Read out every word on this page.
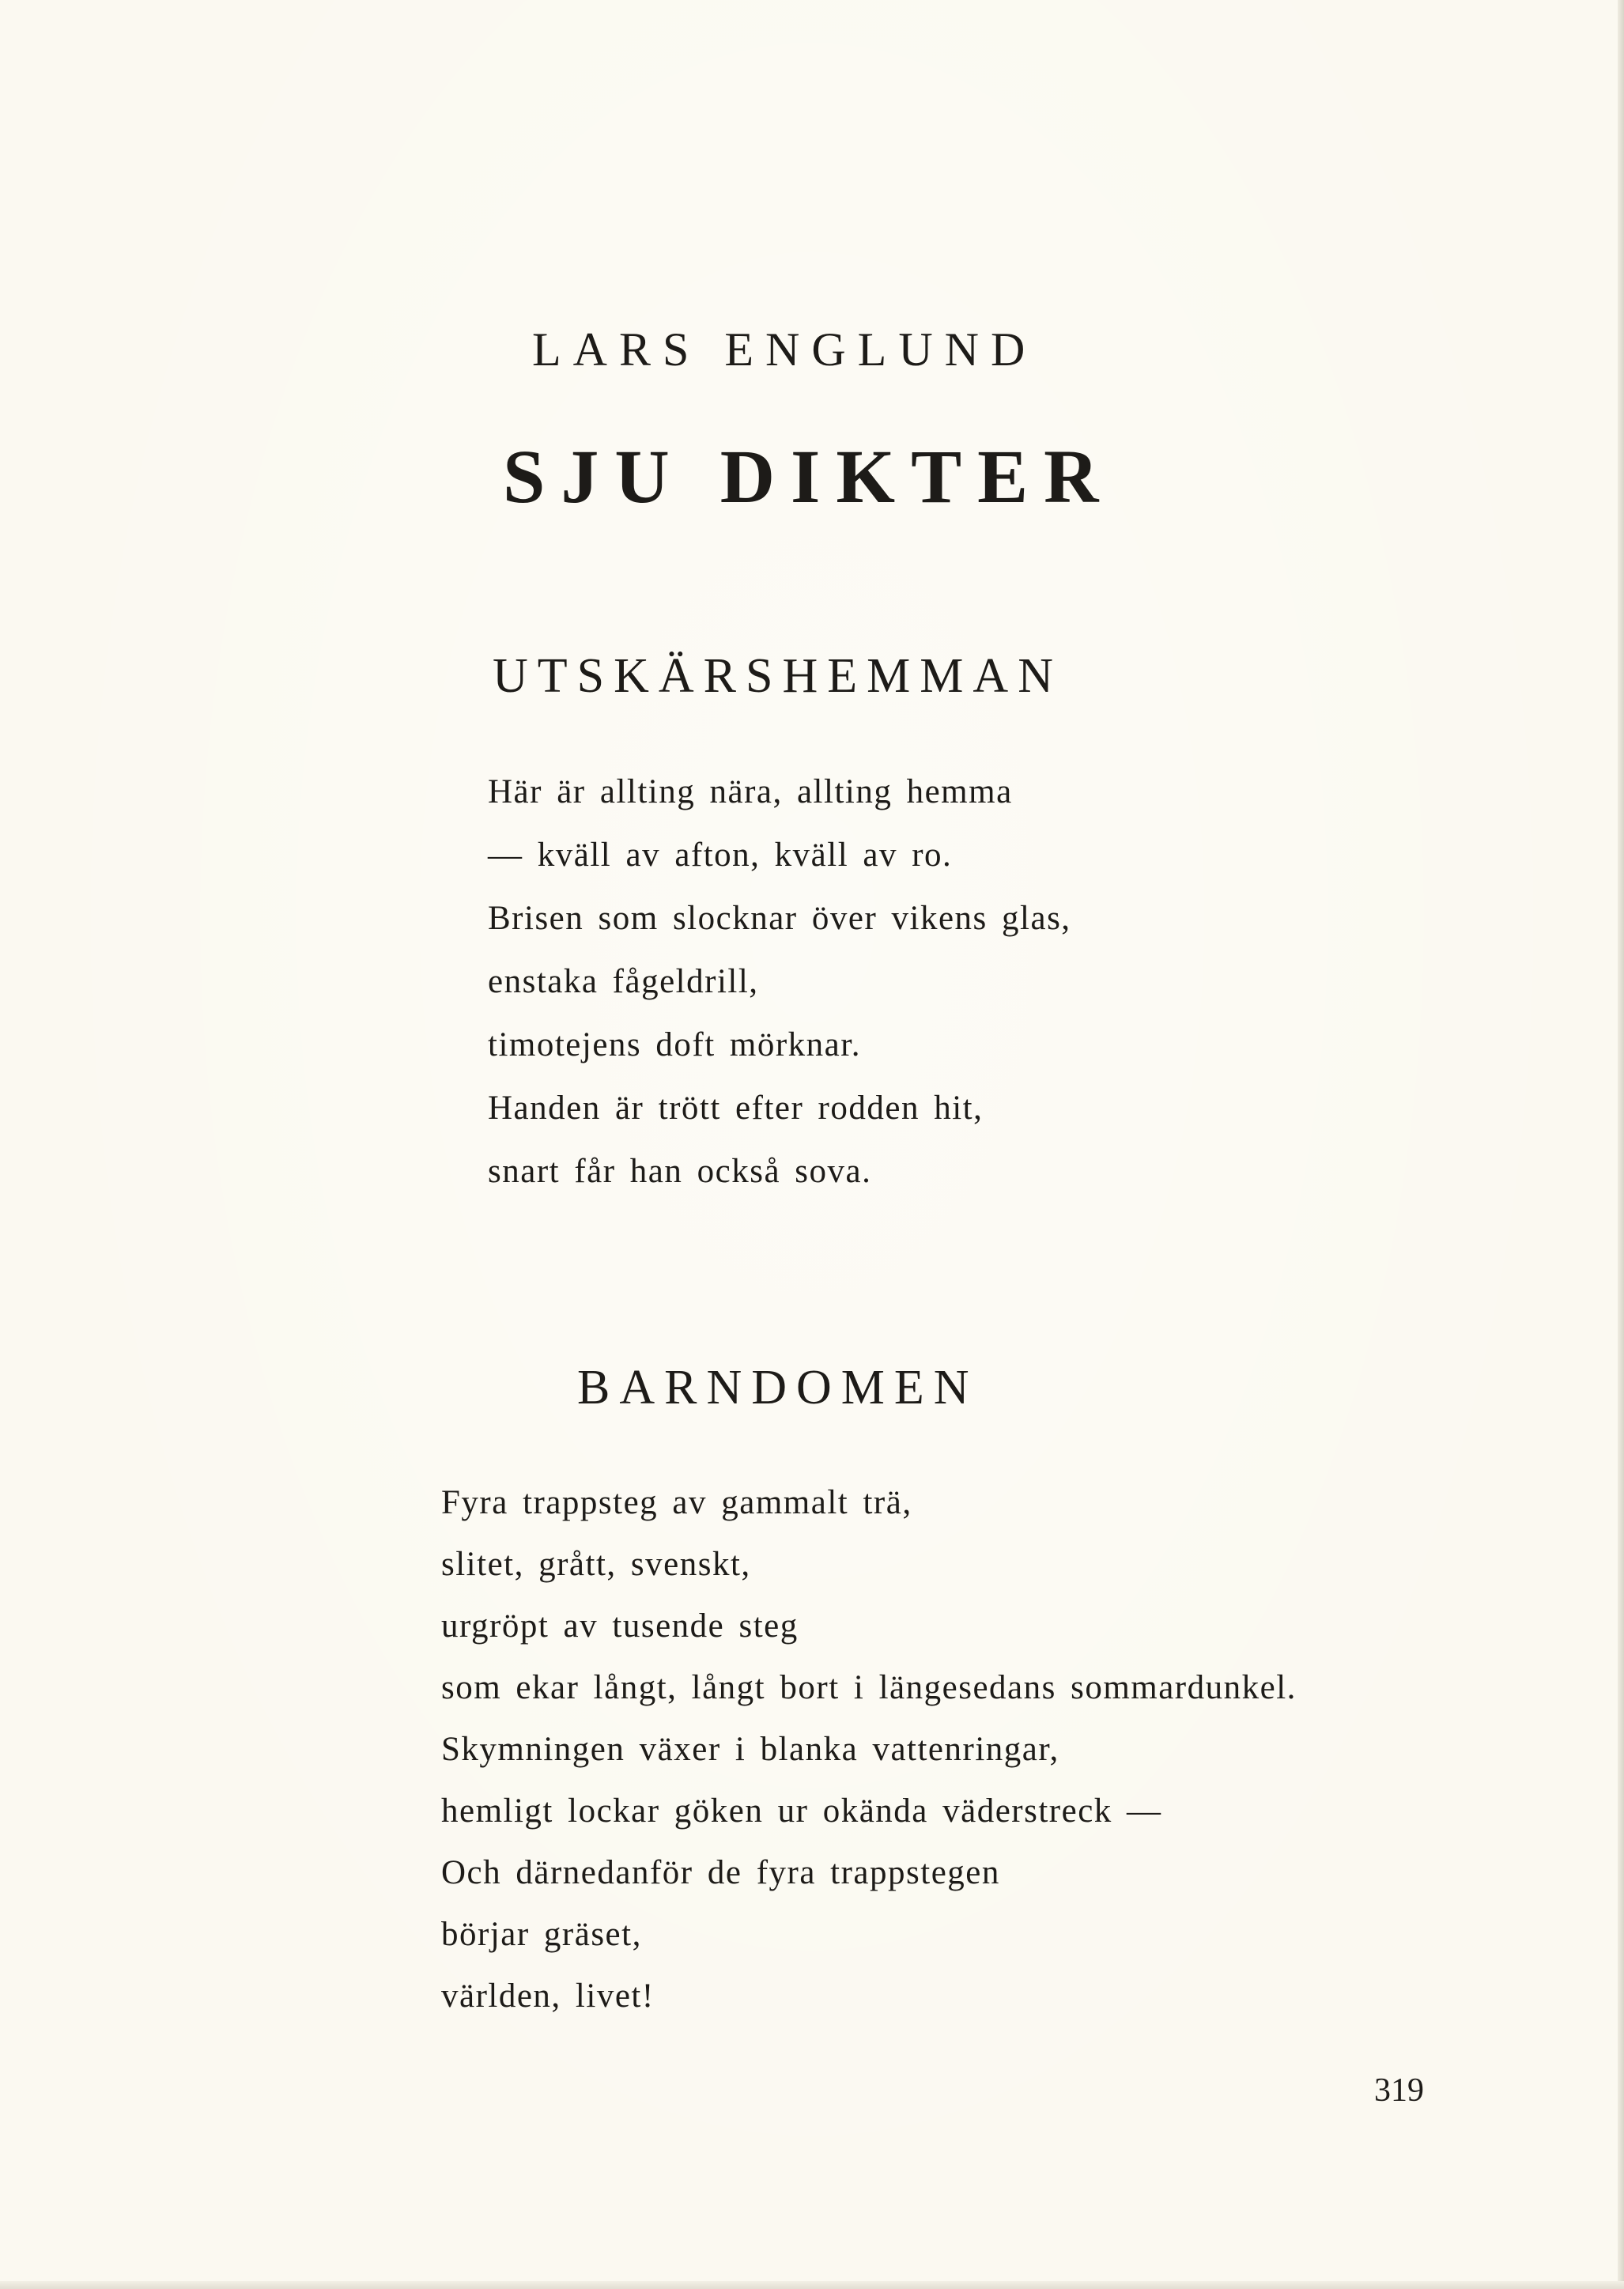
LARS ENGLUND
SJU DIKTER
UTSKÄRSHEMMAN
Här är allting nära, allting hemma
— kväll av afton, kväll av ro.
Brisen som slocknar över vikens glas,
enstaka fågeldrill,
timotejens doft mörknar.
Handen är trött efter rodden hit,
snart får han också sova.
BARNDOMEN
Fyra trappsteg av gammalt trä,
slitet, grått, svenskt,
urgröpt av tusende steg
som ekar långt, långt bort i längesedans sommardunkel.
Skymningen växer i blanka vattenringar,
hemligt lockar göken ur okända väderstreck —
Och därnedanför de fyra trappstegen
börjar gräset,
världen, livet!
319
